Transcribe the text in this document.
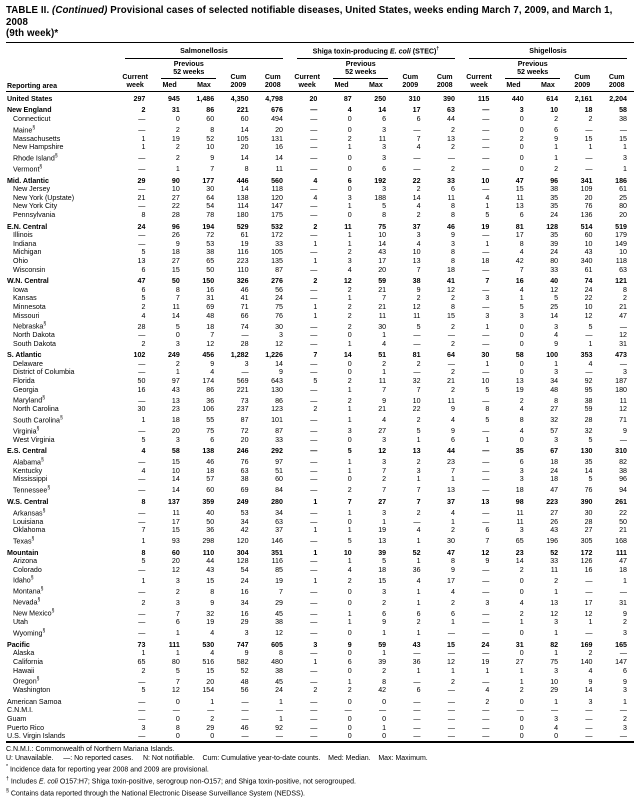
TABLE II. (Continued) Provisional cases of selected notifiable diseases, United States, weeks ending March 7, 2009, and March 1, 2008
(9th week)*
Reporting area	Salmonellosis					Shiga toxin-producing E. coli (STEC)†					Shigellosis				

	Current
week	Previous
52 weeks		Cum
2009	Cum
2008	Current
week	Previous
52 weeks		Cum
2009	Cum
2008	Current
week	Previous
52 weeks		Cum
2009	Cum
2008
		Med	Max				Med	Max				Med	Max		
United States	297	945	1,486	4,350	4,798	20	87	250	310	390	115	440	614	2,161	2,204
New England	2	31	86	221	676	—	4	14	17	63	—	3	10	18	58
Connecticut	—	0	60	60	494	—	0	6	6	44	—	0	2	2	38
Maine§	—	2	8	14	20	—	0	3	—	2	—	0	6	—	—
Massachusetts	1	19	52	105	131	—	2	11	7	13	—	2	9	15	15
New Hampshire	1	2	10	20	16	—	1	3	4	2	—	0	1	1	1
Rhode Island§	—	2	9	14	14	—	0	3	—	—	—	0	1	—	3
Vermont§	—	1	7	8	11	—	0	6	—	2	—	0	2	—	1
Mid. Atlantic	29	90	177	446	560	4	6	192	22	33	10	47	96	341	186
New Jersey	—	10	30	14	118	—	0	3	2	6	—	15	38	109	61
New York (Upstate)	21	27	64	138	120	4	3	188	14	11	4	11	35	20	25
New York City	—	22	54	114	147	—	1	5	4	8	1	13	35	76	80
Pennsylvania	8	28	78	180	175	—	0	8	2	8	5	6	24	136	20
E.N. Central	24	96	194	529	532	2	11	75	37	46	19	81	128	514	519
Illinois	—	26	72	61	172	—	1	10	3	9	—	17	35	60	179
Indiana	—	9	53	19	33	1	1	14	4	3	1	8	39	10	149
Michigan	5	18	38	116	105	—	2	43	10	8	—	4	24	43	10
Ohio	13	27	65	223	135	1	3	17	13	8	18	42	80	340	118
Wisconsin	6	15	50	110	87	—	4	20	7	18	—	7	33	61	63
W.N. Central	47	50	150	326	276	2	12	59	38	41	7	16	40	74	121
Iowa	6	8	16	46	56	—	2	21	9	12	—	4	12	24	8
Kansas	5	7	31	41	24	—	1	7	2	2	3	1	5	22	2
Minnesota	2	11	69	71	75	1	2	21	12	8	—	5	25	10	21
Missouri	4	14	48	66	76	1	2	11	11	15	3	3	14	12	47
Nebraska§	28	5	18	74	30	—	2	30	5	2	1	0	3	5	—
North Dakota	—	0	7	—	3	—	0	1	—	—	—	0	4	—	12
South Dakota	2	3	12	28	12	—	1	4	—	2	—	0	9	1	31
S. Atlantic	102	249	456	1,282	1,226	7	14	51	81	64	30	58	100	353	473
Delaware	—	2	9	3	14	—	0	2	2	—	1	0	1	4	—
District of Columbia	—	1	4	—	9	—	0	1	—	2	—	0	3	—	3
Florida	50	97	174	569	643	5	2	11	32	21	10	13	34	92	187
Georgia	16	43	86	221	130	—	1	7	7	2	5	19	48	95	180
Maryland§	—	13	36	73	86	—	2	9	10	11	—	2	8	38	11
North Carolina	30	23	106	237	123	2	1	21	22	9	8	4	27	59	12
South Carolina§	1	18	55	87	101	—	1	4	2	4	5	8	32	28	71
Virginia§	—	20	75	72	87	—	3	27	5	9	—	4	57	32	9
West Virginia	5	3	6	20	33	—	0	3	1	6	1	0	3	5	—
E.S. Central	4	58	138	246	292	—	5	12	13	44	—	35	67	130	310
Alabama§	—	15	46	76	97	—	1	3	2	23	—	6	18	35	82
Kentucky	4	10	18	63	51	—	1	7	3	7	—	3	24	14	38
Mississippi	—	14	57	38	60	—	0	2	1	1	—	3	18	5	96
Tennessee§	—	14	60	69	84	—	2	7	7	13	—	18	47	76	94
W.S. Central	8	137	359	249	280	1	7	27	7	37	13	98	223	390	261
Arkansas§	—	11	40	53	34	—	1	3	2	4	—	11	27	30	22
Louisiana	—	17	50	34	63	—	0	1	—	1	—	11	26	28	50
Oklahoma	7	15	36	42	37	1	1	19	4	2	6	3	43	27	21
Texas§	1	93	298	120	146	—	5	13	1	30	7	65	196	305	168
Mountain	8	60	110	304	351	1	10	39	52	47	12	23	52	172	111
Arizona	5	20	44	128	116	—	1	5	1	8	9	14	33	126	47
Colorado	—	12	43	54	85	—	4	18	36	9	—	2	11	16	18
Idaho§	1	3	15	24	19	1	2	15	4	17	—	0	2	—	1
Montana§	—	2	8	16	7	—	0	3	1	4	—	0	1	—	—
Nevada§	2	3	9	34	29	—	0	2	1	2	3	4	13	17	31
New Mexico§	—	7	32	16	45	—	1	6	6	6	—	2	12	12	9
Utah	—	6	19	29	38	—	1	9	2	1	—	1	3	1	2
Wyoming§	—	1	4	3	12	—	0	1	1	—	—	0	1	—	3
Pacific	73	111	530	747	605	3	9	59	43	15	24	31	82	169	165
Alaska	1	1	4	9	8	—	0	1	—	—	—	0	1	2	—
California	65	80	516	582	480	1	6	39	36	12	19	27	75	140	147
Hawaii	2	5	15	52	38	—	0	2	1	1	1	1	3	4	6
Oregon§	—	7	20	48	45	—	1	8	—	2	—	1	10	9	9
Washington	5	12	154	56	24	2	2	42	6	—	4	2	29	14	3
American Samoa	—	0	1	—	1	—	0	0	—	—	2	0	1	3	1
C.N.M.I.	—	—	—	—	—	—	—	—	—	—	—	—	—	—	—
Guam	—	0	2	—	1	—	0	0	—	—	—	0	3	—	2
Puerto Rico	3	8	29	46	92	—	0	1	—	—	—	0	4	—	3
U.S. Virgin Islands	—	0	0	—	—	—	0	0	—	—	—	0	0	—	—
C.N.M.I.: Commonwealth of Northern Mariana Islands.
U: Unavailable.     —: No reported cases.     N: Not notifiable.    Cum: Cumulative year-to-date counts.    Med: Median.    Max: Maximum.
* Incidence data for reporting year 2008 and 2009 are provisional.
† Includes E. coli O157:H7; Shiga toxin-positive, serogroup non-O157; and Shiga toxin-positive, not serogrouped.
§ Contains data reported through the National Electronic Disease Surveillance System (NEDSS).
